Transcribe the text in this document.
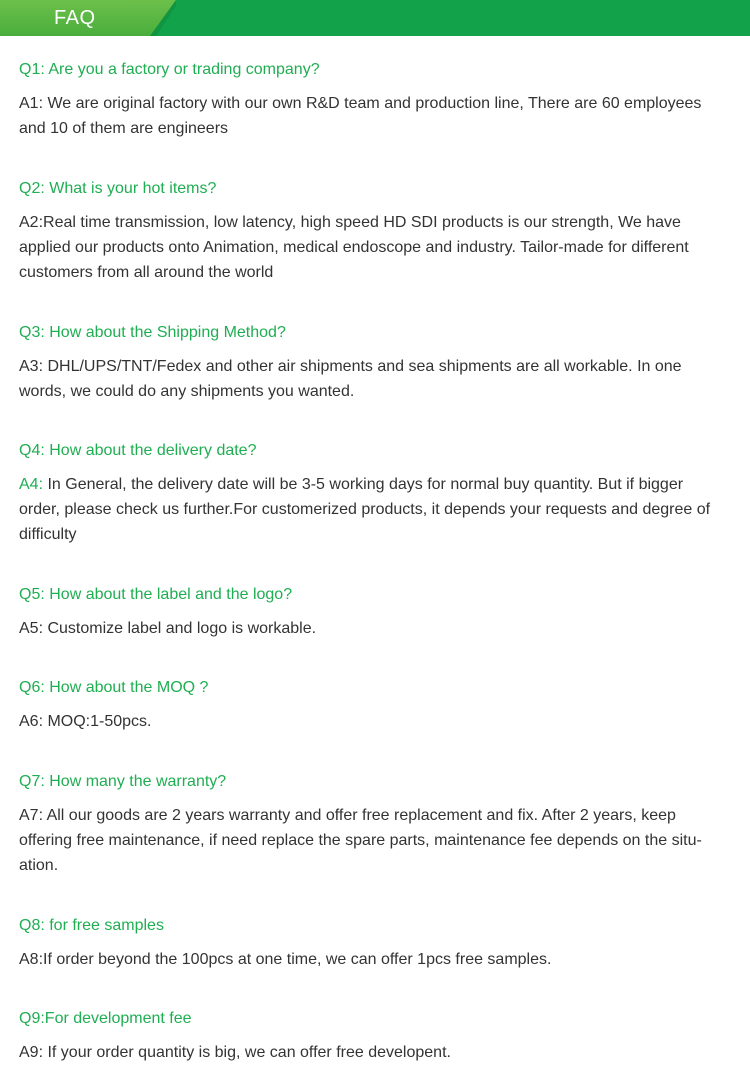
FAQ
Q1: Are you a factory or trading company?
A1: We are original factory with our own R&D team and production line, There are 60 employees and 10 of them are engineers
Q2: What is your hot items?
A2:Real time transmission, low latency, high speed HD SDI products is our strength, We have applied our products onto Animation, medical endoscope and industry. Tailor-made for different customers from all around the world
Q3: How about the Shipping Method?
A3: DHL/UPS/TNT/Fedex and other air shipments and sea shipments are all workable. In one words, we could do any shipments you wanted.
Q4: How about the delivery date?
A4: In General, the delivery date will be 3-5 working days for normal buy quantity. But if bigger order, please check us further.For customerized products, it depends your requests and degree of difficulty
Q5: How about the label and the logo?
A5: Customize label and logo is workable.
Q6: How about the MOQ ?
A6: MOQ:1-50pcs.
Q7: How many the warranty?
A7: All our goods are 2 years warranty and offer free replacement and fix. After 2 years, keep offering free maintenance, if need replace the spare parts, maintenance fee depends on the situ-ation.
Q8: for free samples
A8:If order beyond the 100pcs at one time, we can offer 1pcs free samples.
Q9:For development fee
A9: If your order quantity is big, we can offer free developent.
